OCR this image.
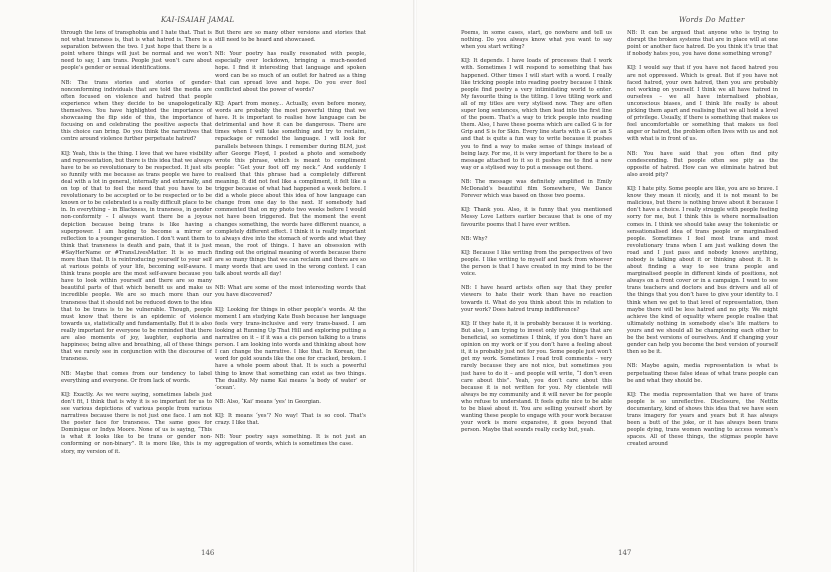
KAI-ISAIAH JAMAL

through the lens of transphobia and I hate that. That is not what transness is, that is what hatred is. There is a separation between the two. I just hope that there is a point where things will just be normal and we won’t need to say, I am trans. People just won’t care about people’s gender or sexual identifications.

NB: The trans stories and stories of gender-nonconforming individuals that are told the media are often focused on violence and hatred that people experience when they decide to be unapologetically themselves. You have highlighted the importance of showcasing the flip side of this, the importance of focusing on and celebrating the positive aspects that this choice can bring. Do you think the narratives that centre around violence further perpetuate hatred?

KIJ: Yeah, this is the thing. I love that we have visibility and representation, but there is this idea that we always have to be so revolutionary to be respected. It just sits so funnily with me because as trans people we have to deal with a lot in general, internally and externally, and on top of that to feel the need that you have to be revolutionary to be accepted or to be respected or to be known or to be celebrated is a really difficult place to be in. In everything – in Blackness, in transness, in gender non-conformity – I always want there be a joyous depiction because being trans is like having a superpower. I am hoping to become a mirror or reflection to a younger generation. I don’t want them to think that transness is death and pain, that it is just #SayHerName or #TransLivesMatter. It is so much more than that. It is reintroducing yourself to your self at various points of your life, becoming self-aware. I think trans people are the most self-aware because you have to look within yourself and there are so many beautiful parts of that which benefit us and make us incredible people. We are so much more than our transness that it should not be reduced down to the idea that to be trans is to be vulnerable. Though, people must know that there is an epidemic of violence towards us, statistically and fundamentally. But it is also really important for everyone to be reminded that there are also moments of joy, laughter, euphoria and happiness; being alive and breathing, all of these things that we rarely see in conjunction with the discourse of transness.

NB: Maybe that comes from our tendency to label everything and everyone. Or from lack of words.

KIJ: Exactly. As we were saying, sometimes labels just don’t fit, I think that is why it is so important for us to see various depictions of various people from various narratives because there is not just one face. I am not the poster face for transness. The same goes for Dominique or Indya Moore. None of us is saying, “This is what it looks like to be trans or gender non-conforming or non-binary”. It is more like, this is my story, my version of it.

But there are so many other versions and stories that still need to be heard and showcased.

NB: Your poetry has really resonated with people, especially over lockdown, bringing a much-needed hope. I find it interesting that language and spoken word can be so much of an outlet for hatred as a thing that can spread love and hope. Do you ever feel conflicted about the power of words?

KIJ: Apart from money... Actually, even before money, words are probably the most powerful thing that we have. It is important to realise how language can be detrimental and how it can be dangerous. There are times when I will take something and try to reclaim, repackage or remodel the language. I will look for parallels between things. I remember during BLM, just after George Floyd, I posted a photo and somebody wrote this phrase, which is meant to compliment people: “Get your foot off my neck.” And suddenly I realised that this phrase had a completely different meaning. It did not feel like a compliment, it felt like a trigger because of what had happened a week before. I did a whole piece about this idea of how language can change from one day to the next. If somebody had commented that on my photo two weeks before I would not have been triggered. But the moment the event changes something, the words have different nuance, a completely different effect. I think it is really important to always dive into the stomach of words and what they mean, the root of things. I have an obsession with finding out the original meaning of words because there are so many things that we can reclaim and there are so many words that are used in the wrong context. I can talk about words all day!

NB: What are some of the most interesting words that you have discovered?

KIJ: Looking for things in other people’s words. At the moment I am studying Kate Bush because her language feels very trans-inclusive and very trans-based. I am looking at Running Up That Hill and exploring putting a narrative on it – if it was a cis person talking to a trans person. I am looking into words and thinking about how I can change the narrative. I like that. In Korean, the word for gold sounds like the one for cracked, broken. I have a whole poem about that. It is such a powerful thing to know that something can exist as two things. The duality. My name Kai means ‘a body of water’ or ‘ocean’.

NB: Also, ‘Kai’ means ‘yes’ in Georgian.

KIJ: It means ‘yes’? No way! That is so cool. That’s crazy. I like that.

NB: Your poetry says something. It is not just an aggregation of words, which is sometimes the case.

146
Words Do Matter

Poems, in some cases, start, go nowhere and tell us nothing. Do you always know what you want to say when you start writing?

KIJ: It depends. I have loads of processes that I work with. Sometimes I will respond to something that has happened. Other times I will start with a word. I really like tricking people into reading poetry because I think people find poetry a very intimidating world to enter. My favourite thing is the titling. I love titling work and all of my titles are very stylised now. They are often super long sentences, which then lead into the first line of the poem. That’s a way to trick people into reading them. Also, I have these poems which are called G is for Grip and S is for Skin. Every line starts with a G or an S and that is quite a fun way to write because it pushes you to find a way to make sense of things instead of being lazy. For me, it is very important for there to be a message attached to it so it pushes me to find a new way or a stylised way to put a message out there.

NB: The message was definitely amplified in Emily McDonald’s beautiful film Somewhere, We Dance Forever which was based on those two poems.

KIJ: Thank you. Also, it is funny that you mentioned Messy Love Letters earlier because that is one of my favourite poems that I have ever written.

NB: Why?

KIJ: Because I like writing from the perspectives of two people. I like writing to myself and back from whoever the person is that I have created in my mind to be the voice.

NB: I have heard artists often say that they prefer viewers to hate their work than have no reaction towards it. What do you think about this in relation to your work? Does hatred trump indifference?

KIJ: If they hate it, it is probably because it is working. But also, I am trying to invest only into things that are beneficial, so sometimes I think, if you don’t have an opinion on my work or if you don’t have a feeling about it, it is probably just not for you. Some people just won’t get my work. Sometimes I read troll comments – very rarely because they are not nice, but sometimes you just have to do it – and people will write, “I don’t even care about this”. Yeah, you don’t care about this because it is not written for you. My clientele will always be my community and it will never be for people who refuse to understand. It feels quite nice to be able to be blasé about it. You are selling yourself short by wanting these people to engage with your work because your work is more expansive, it goes beyond that person. Maybe that sounds really cocky but, yeah.

NB: It can be argued that anyone who is trying to disrupt the broken systems that are in place will at one point or another face hatred. Do you think it’s true that if nobody hates you, you have done something wrong?

KIJ: I would say that if you have not faced hatred you are not oppressed. Which is great. But if you have not faced hatred, your own hatred, then you are probably not working on yourself. I think we all have hatred in ourselves – we all have internalised phobias, unconscious biases, and I think life really is about picking them apart and realising that we all hold a level of privilege. Usually, if there is something that makes us feel uncomfortable or something that makes us feel anger or hatred, the problem often lives with us and not with what is in front of us.

NB: You have said that you often find pity condescending. But people often see pity as the opposite of hatred. How can we eliminate hatred but also avoid pity?

KIJ: I hate pity. Some people are like, you are so brave. I know they mean it nicely, and it is not meant to be malicious, but there is nothing brave about it because I don’t have a choice. I really struggle with people feeling sorry for me, but I think this is where normalisation comes in. I think we should take away the tokenistic or sensationalised idea of trans people or marginalised people. Sometimes I feel most trans and most revolutionary trans when I am just walking down the road and I just pass and nobody knows anything, nobody is talking about it or thinking about it. It is about finding a way to see trans people and marginalised people in different kinds of positions, not always on a front cover or in a campaign. I want to see trans teachers and doctors and bus drivers and all of the things that you don’t have to give your identity to. I think when we get to that level of representation, then maybe there will be less hatred and no pity. We might achieve the kind of equality where people realise that ultimately nothing in somebody else’s life matters to yours and we should all be championing each other to be the best versions of ourselves. And if changing your gender can help you become the best version of yourself then so be it.

NB: Maybe again, media representation is what is perpetuating these false ideas of what trans people can be and what they should be.

KIJ: The media representation that we have of trans people is so unreflective. Disclosure, the Netflix documentary, kind of shows this idea that we have seen trans imagery for years and years but it has always been a butt of the joke, or it has always been trans people dying, trans women wanting to access women’s spaces. All of these things, the stigmas people have created around

147
